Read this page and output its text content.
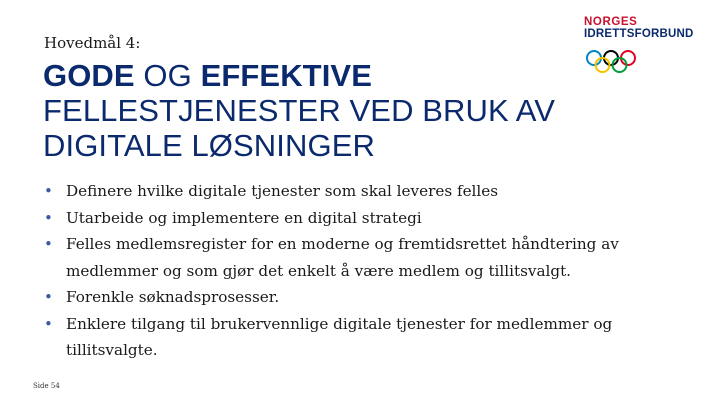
Hovedmål 4:
GODE OG EFFEKTIVE
FELLESTJENESTER VED BRUK AV
DIGITALE LØSNINGER
NORGES
IDRETTSFORBUND
• Definere hvilke digitale tjenester som skal leveres felles
• Utarbeide og implementere en digital strategi
• Felles medlemsregister for en moderne og fremtidsrettet håndtering av medlemmer og som gjør det enkelt å være medlem og tillitsvalgt.
• Forenkle søknadsprosesser.
• Enklere tilgang til brukervennlige digitale tjenester for medlemmer og tillitsvalgte.
Side 54
